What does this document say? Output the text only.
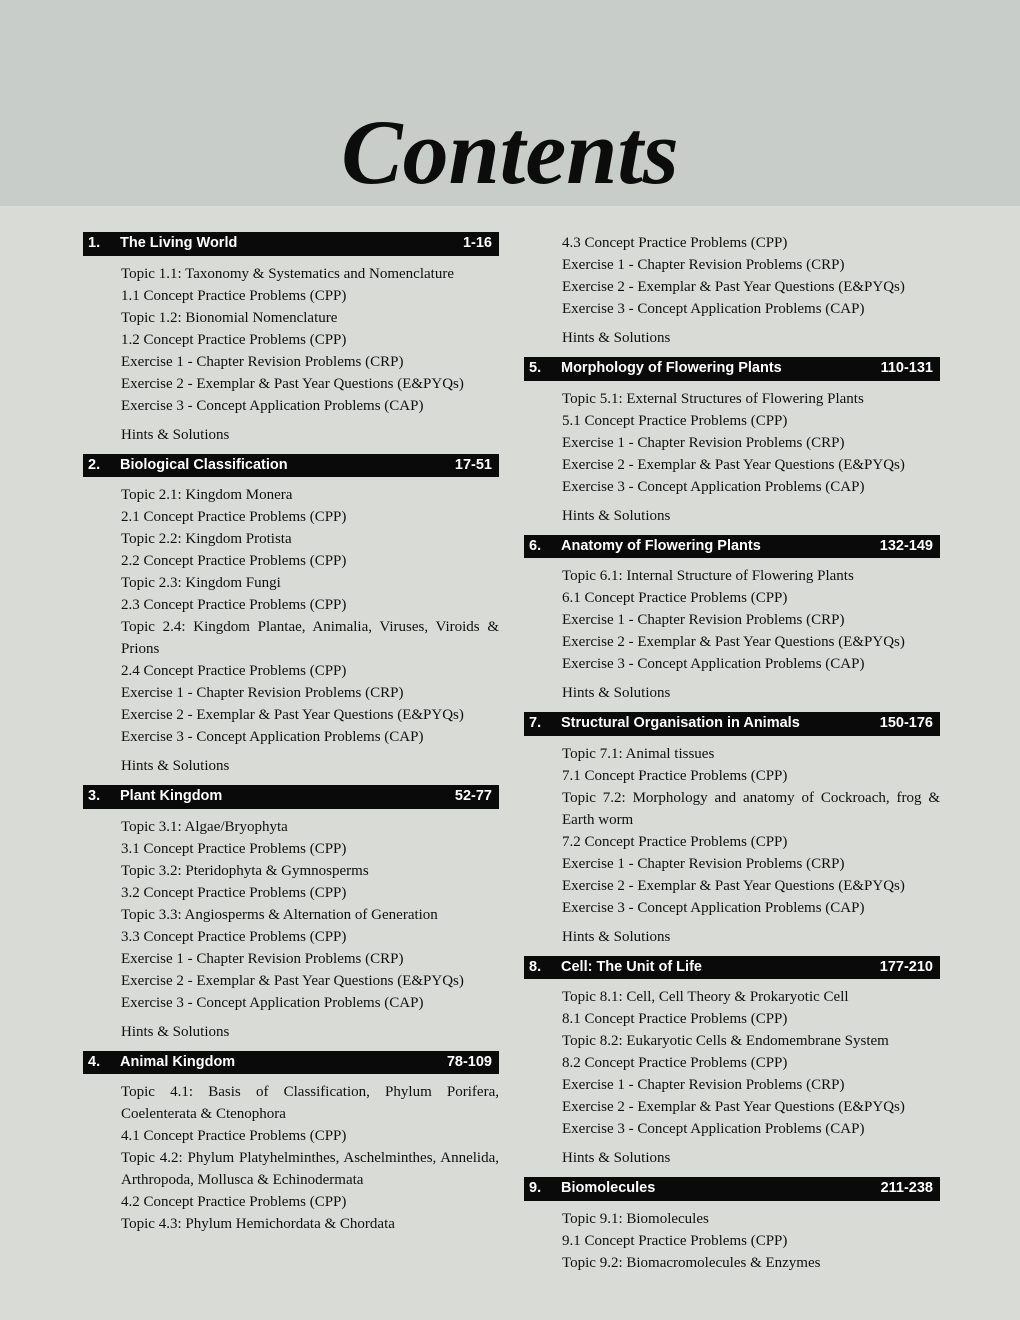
Contents
1.	The Living World	1-16
Topic 1.1: Taxonomy & Systematics and Nomenclature
1.1 Concept Practice Problems (CPP)
Topic 1.2: Bionomial Nomenclature
1.2 Concept Practice Problems (CPP)
Exercise 1 - Chapter Revision Problems (CRP)
Exercise 2 - Exemplar & Past Year Questions (E&PYQs)
Exercise 3 - Concept Application Problems (CAP)
Hints & Solutions
2.	Biological Classification	17-51
Topic 2.1: Kingdom Monera
2.1 Concept Practice Problems (CPP)
Topic 2.2: Kingdom Protista
2.2 Concept Practice Problems (CPP)
Topic 2.3: Kingdom Fungi
2.3 Concept Practice Problems (CPP)
Topic 2.4: Kingdom Plantae, Animalia, Viruses, Viroids & Prions
2.4 Concept Practice Problems (CPP)
Exercise 1 - Chapter Revision Problems (CRP)
Exercise 2 - Exemplar & Past Year Questions (E&PYQs)
Exercise 3 - Concept Application Problems (CAP)
Hints & Solutions
3.	Plant Kingdom	52-77
Topic 3.1: Algae/Bryophyta
3.1 Concept Practice Problems (CPP)
Topic 3.2: Pteridophyta & Gymnosperms
3.2 Concept Practice Problems (CPP)
Topic 3.3: Angiosperms & Alternation of Generation
3.3 Concept Practice Problems (CPP)
Exercise 1 - Chapter Revision Problems (CRP)
Exercise 2 - Exemplar & Past Year Questions (E&PYQs)
Exercise 3 - Concept Application Problems (CAP)
Hints & Solutions
4.	Animal Kingdom	78-109
Topic 4.1: Basis of Classification, Phylum Porifera, Coelenterata & Ctenophora
4.1 Concept Practice Problems (CPP)
Topic 4.2: Phylum Platyhelminthes, Aschelminthes, Annelida, Arthropoda, Mollusca & Echinodermata
4.2 Concept Practice Problems (CPP)
Topic 4.3: Phylum Hemichordata & Chordata
4.3 Concept Practice Problems (CPP)
Exercise 1 - Chapter Revision Problems (CRP)
Exercise 2 - Exemplar & Past Year Questions (E&PYQs)
Exercise 3 - Concept Application Problems (CAP)
Hints & Solutions
5.	Morphology of Flowering Plants	110-131
Topic 5.1: External Structures of Flowering Plants
5.1 Concept Practice Problems (CPP)
Exercise 1 - Chapter Revision Problems (CRP)
Exercise 2 - Exemplar & Past Year Questions (E&PYQs)
Exercise 3 - Concept Application Problems (CAP)
Hints & Solutions
6.	Anatomy of Flowering Plants	132-149
Topic 6.1: Internal Structure of Flowering Plants
6.1 Concept Practice Problems (CPP)
Exercise 1 - Chapter Revision Problems (CRP)
Exercise 2 - Exemplar & Past Year Questions (E&PYQs)
Exercise 3 - Concept Application Problems (CAP)
Hints & Solutions
7.	Structural Organisation in Animals	150-176
Topic 7.1: Animal tissues
7.1 Concept Practice Problems (CPP)
Topic 7.2: Morphology and anatomy of Cockroach, frog & Earth worm
7.2 Concept Practice Problems (CPP)
Exercise 1 - Chapter Revision Problems (CRP)
Exercise 2 - Exemplar & Past Year Questions (E&PYQs)
Exercise 3 - Concept Application Problems (CAP)
Hints & Solutions
8.	Cell: The Unit of Life	177-210
Topic 8.1: Cell, Cell Theory & Prokaryotic Cell
8.1 Concept Practice Problems (CPP)
Topic 8.2: Eukaryotic Cells & Endomembrane System
8.2 Concept Practice Problems (CPP)
Exercise 1 - Chapter Revision Problems (CRP)
Exercise 2 - Exemplar & Past Year Questions (E&PYQs)
Exercise 3 - Concept Application Problems (CAP)
Hints & Solutions
9.	Biomolecules	211-238
Topic 9.1: Biomolecules
9.1 Concept Practice Problems (CPP)
Topic 9.2: Biomacromolecules & Enzymes
